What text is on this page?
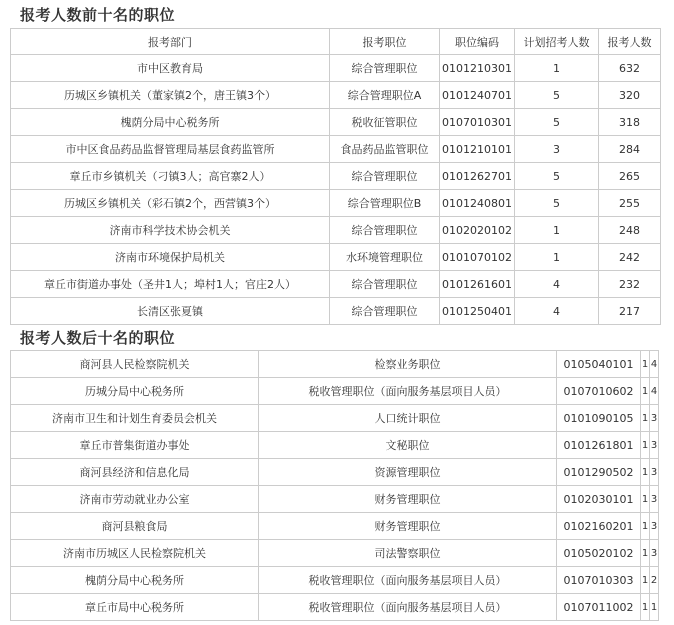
报考人数前十名的职位
报考部门	报考职位	职位编码	计划招考人数	报考人数
市中区教育局	综合管理职位	0101210301	1	632
历城区乡镇机关（董家镇2个，唐王镇3个）	综合管理职位A	0101240701	5	320
槐荫分局中心税务所	税收征管职位	0107010301	5	318
市中区食品药品监督管理局基层食药监管所	食品药品监管职位	0101210101	3	284
章丘市乡镇机关（刁镇3人；高官寨2人）	综合管理职位	0101262701	5	265
历城区乡镇机关（彩石镇2个，西营镇3个）	综合管理职位B	0101240801	5	255
济南市科学技术协会机关	综合管理职位	0102020102	1	248
济南市环境保护局机关	水环境管理职位	0101070102	1	242
章丘市街道办事处（圣井1人；埠村1人；官庄2人）	综合管理职位	0101261601	4	232
长清区张夏镇	综合管理职位	0101250401	4	217
报考人数后十名的职位
商河县人民检察院机关	检察业务职位	0105040101	1	4
历城分局中心税务所	税收管理职位（面向服务基层项目人员）	0107010602	1	4
济南市卫生和计划生育委员会机关	人口统计职位	0101090105	1	3
章丘市普集街道办事处	文秘职位	0101261801	1	3
商河县经济和信息化局	资源管理职位	0101290502	1	3
济南市劳动就业办公室	财务管理职位	0102030101	1	3
商河县粮食局	财务管理职位	0102160201	1	3
济南市历城区人民检察院机关	司法警察职位	0105020102	1	3
槐荫分局中心税务所	税收管理职位（面向服务基层项目人员）	0107010303	1	2
章丘市局中心税务所	税收管理职位（面向服务基层项目人员）	0107011002	1	1
